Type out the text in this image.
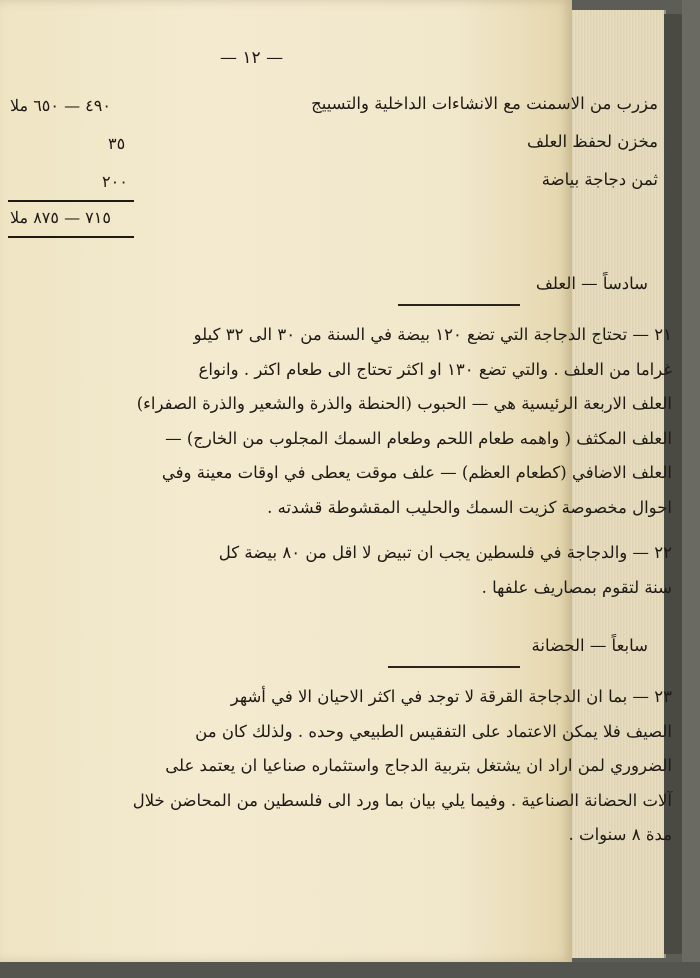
— ١٢ —
مزرب من الاسمنت مع الانشاءات الداخلية والتسييج
٤٩٠ — ٦٥٠ ملا
مخزن لحفظ العلف
٣٥
ثمن دجاجة بياضة
٢٠٠
٧١٥ — ٨٧٥ ملا
سادساً — العلف
٢١ — تحتاج الدجاجة التي تضع ١٢٠ بيضة في السنة من ٣٠ الى ٣٢ كيلو
غراما من العلف . والتي تضع ١٣٠ او اكثر تحتاج الى طعام اكثر . وانواع
العلف الاربعة الرئيسية هي — الحبوب (الحنطة والذرة والشعير والذرة الصفراء)
العلف المكثف ( واهمه طعام اللحم وطعام السمك المجلوب من الخارج) —
العلف الاضافي (كطعام العظم) — علف موقت يعطى في اوقات معينة وفي
احوال مخصوصة كزيت السمك والحليب المقشوطة قشدته .
٢٢ — والدجاجة في فلسطين يجب ان تبيض لا اقل من ٨٠ بيضة كل
سنة لتقوم بمصاريف علفها .
سابعاً — الحضانة
٢٣ — بما ان الدجاجة القرقة لا توجد في اكثر الاحيان الا في أشهر
الصيف فلا يمكن الاعتماد على التفقيس الطبيعي وحده . ولذلك كان من
الضروري لمن اراد ان يشتغل بتربية الدجاج واستثماره صناعيا ان يعتمد على
آلات الحضانة الصناعية . وفيما يلي بيان بما ورد الى فلسطين من المحاضن خلال
مدة ٨ سنوات .
